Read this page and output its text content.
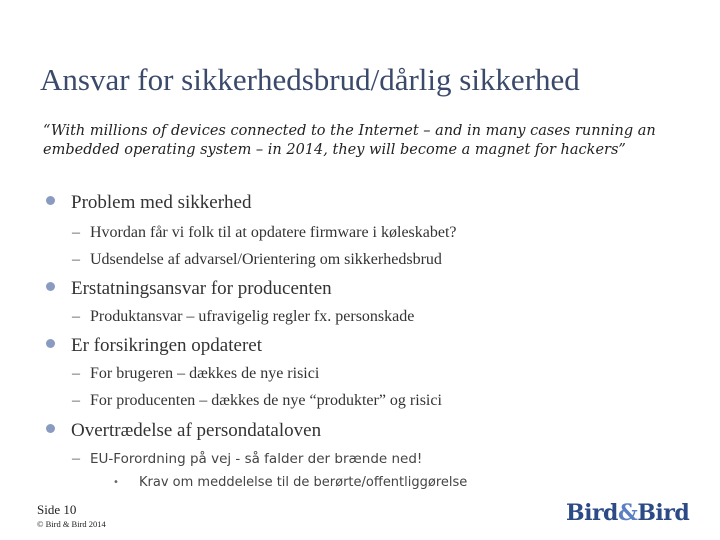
Ansvar for sikkerhedsbrud/dårlig sikkerhed
“With millions of devices connected to the Internet – and in many cases running an embedded operating system – in 2014, they will become a magnet for hackers”
Problem med sikkerhed
– Hvordan får vi folk til at opdatere firmware i køleskabet?
– Udsendelse af advarsel/Orientering om sikkerhedsbrud
Erstatningsansvar for producenten
– Produktansvar – ufravigelig regler fx. personskade
Er forsikringen opdateret
– For brugeren – dækkes de nye risici
– For producenten – dækkes de nye “produkter” og risici
Overtrædelse af persondataloven
– EU-Forordning på vej - så falder der brænde ned!
• Krav om meddelelse til de berørte/offentliggørelse
Side 10
© Bird & Bird 2014	Bird&Bird
